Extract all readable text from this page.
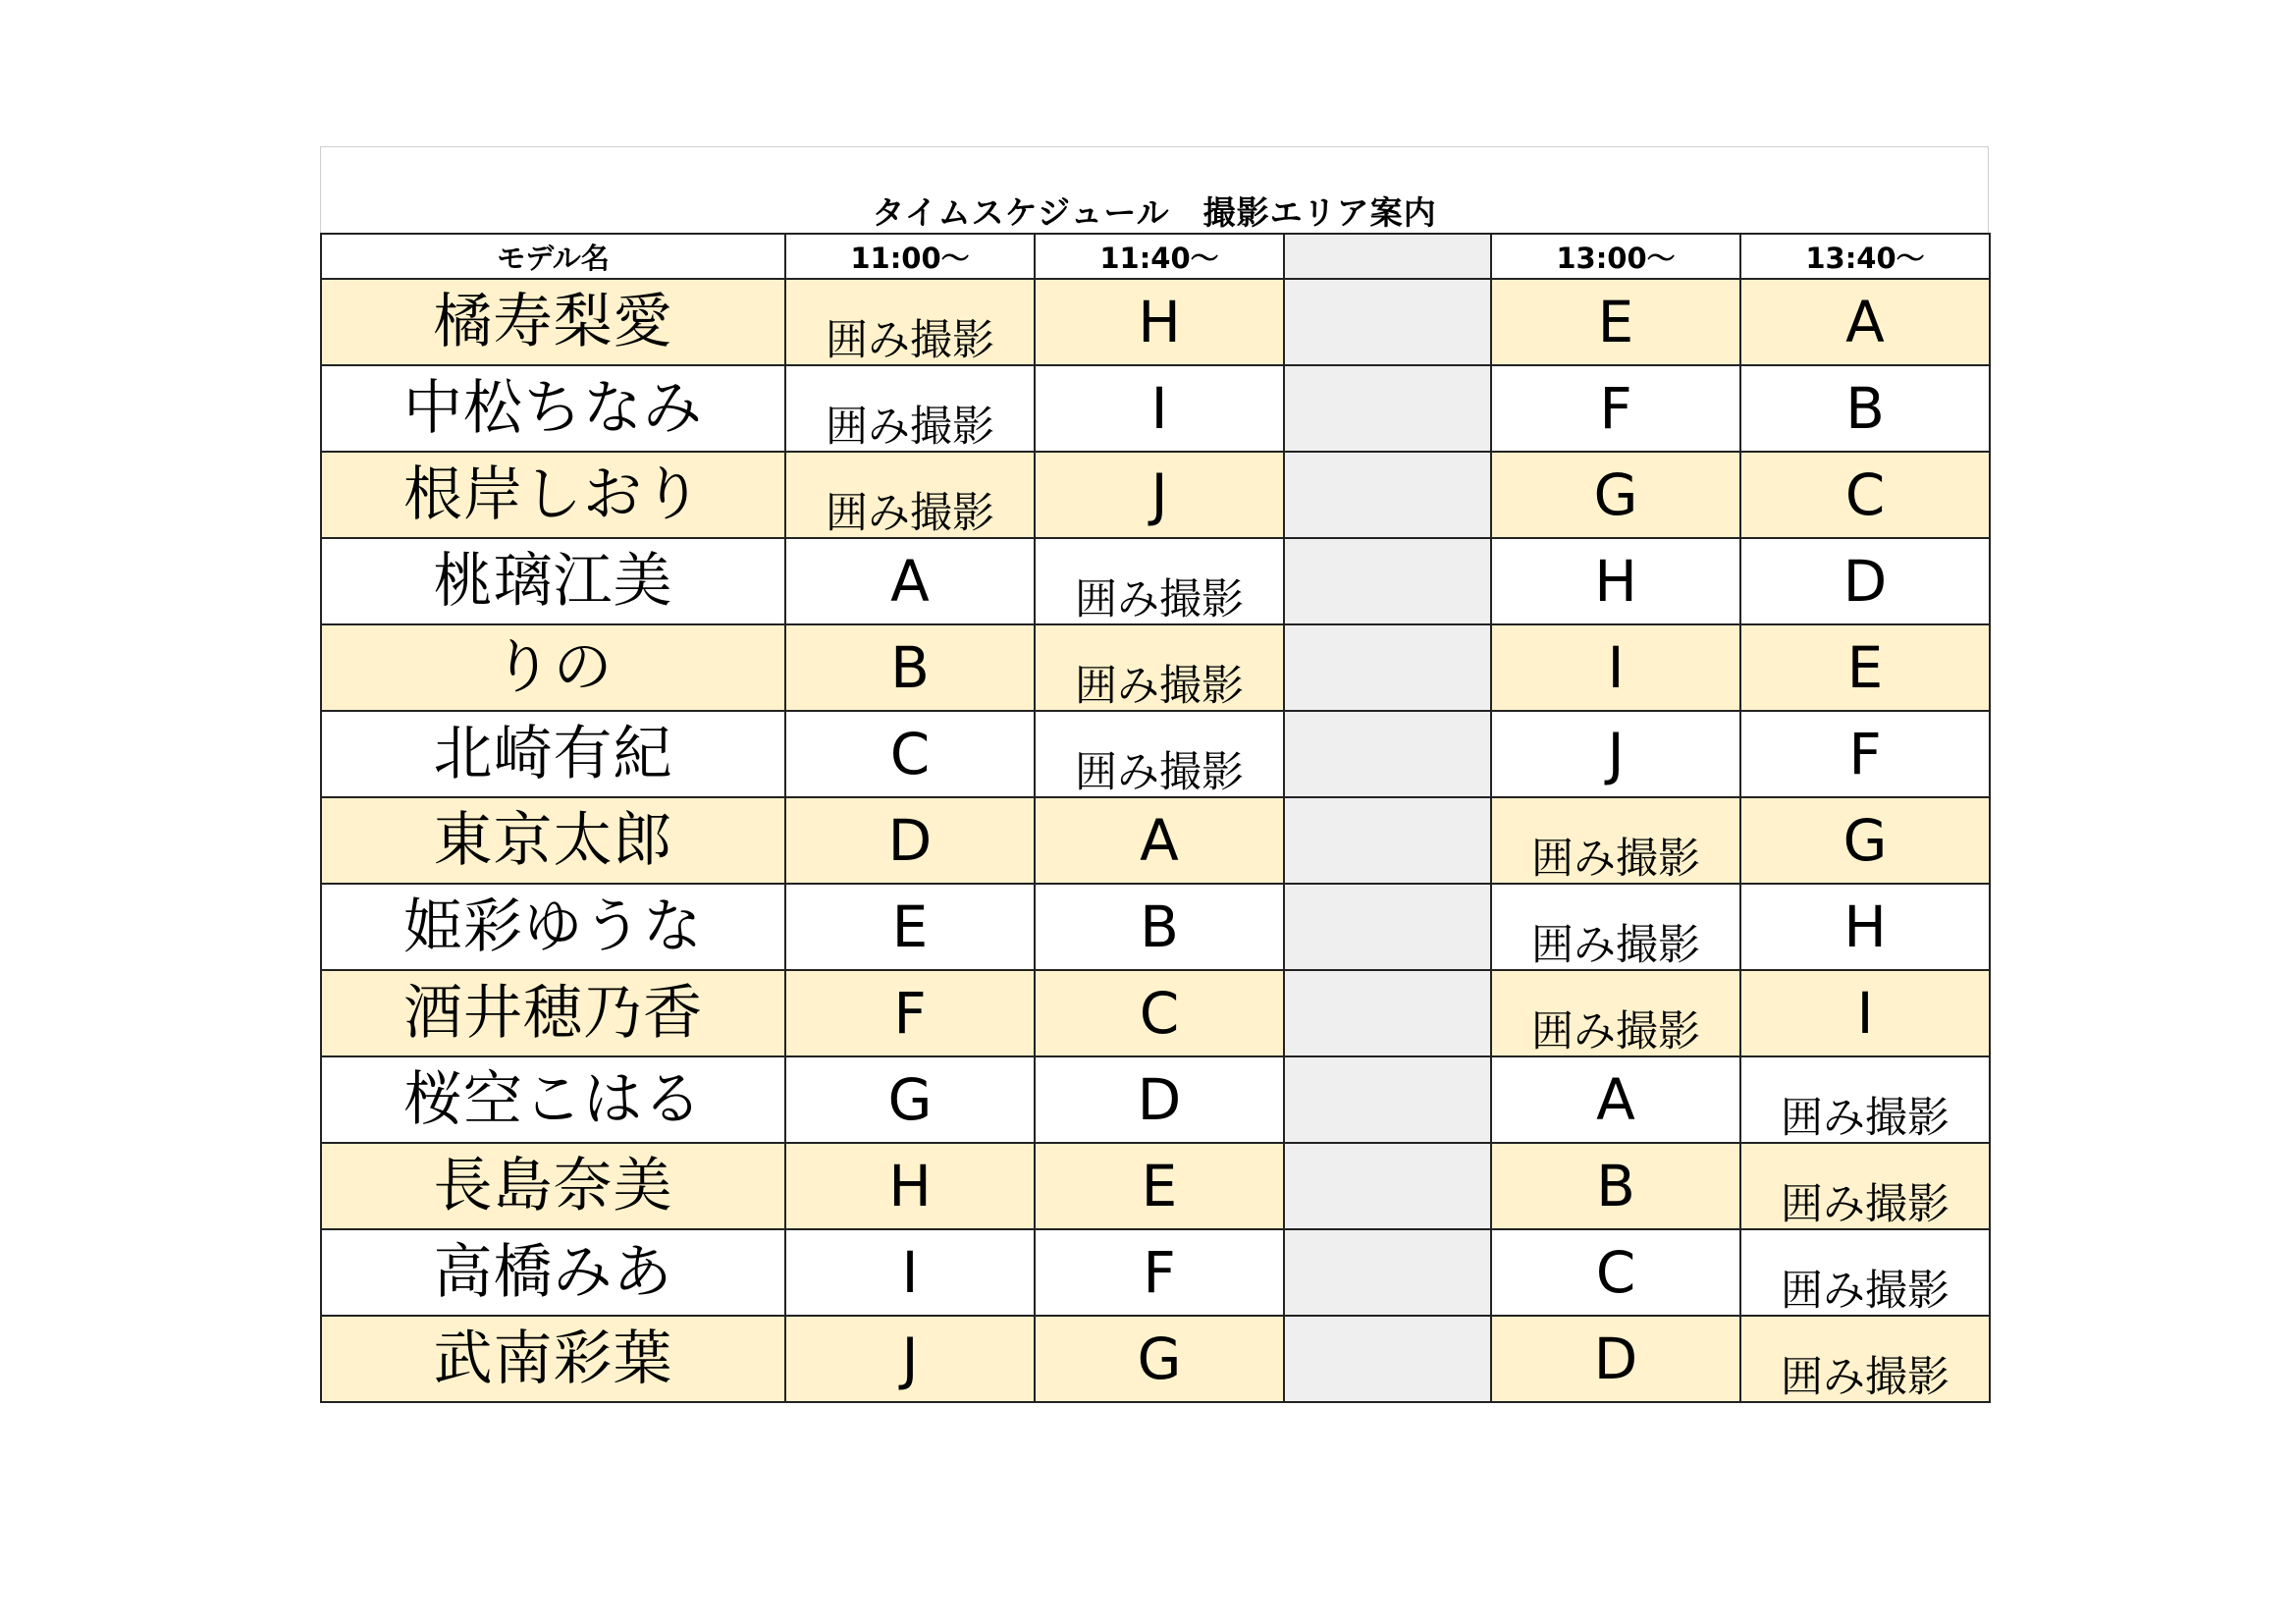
タイムスケジュール　撮影エリア案内
モデル名	11:00〜	11:40〜		13:00〜	13:40〜
橘寿梨愛	囲み撮影	H		E	A
中松ちなみ	囲み撮影	I		F	B
根岸しおり	囲み撮影	J		G	C
桃璃江美	A	囲み撮影		H	D
りの	B	囲み撮影		I	E
北崎有紀	C	囲み撮影		J	F
東京太郎	D	A		囲み撮影	G
姫彩ゆうな	E	B		囲み撮影	H
酒井穂乃香	F	C		囲み撮影	I
桜空こはる	G	D		A	囲み撮影
長島奈美	H	E		B	囲み撮影
高橋みあ	I	F		C	囲み撮影
武南彩葉	J	G		D	囲み撮影
